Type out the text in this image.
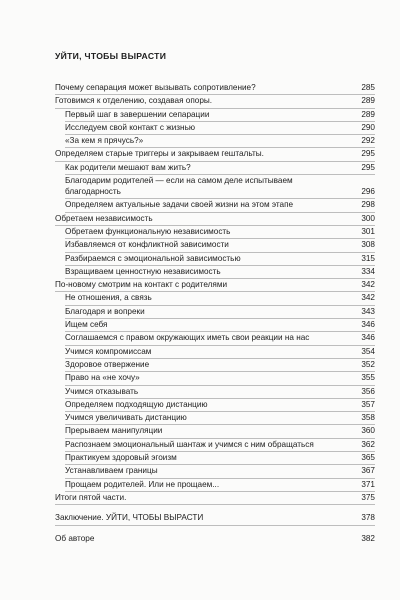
УЙТИ, ЧТОБЫ ВЫРАСТИ
Почему сепарация может вызывать сопротивление?	285
Готовимся к отделению, создавая опоры.	289
Первый шаг в завершении сепарации	289
Исследуем свой контакт с жизнью	290
«За кем я прячусь?»	292
Определяем старые триггеры и закрываем гештальты.	295
Как родители мешают вам жить?	295
Благодарим родителей — если на самом деле испытываем благодарность	296
Определяем актуальные задачи своей жизни на этом этапе	298
Обретаем независимость	300
Обретаем функциональную независимость	301
Избавляемся от конфликтной зависимости	308
Разбираемся с эмоциональной зависимостью	315
Взращиваем ценностную независимость	334
По-новому смотрим на контакт с родителями	342
Не отношения, а связь	342
Благодаря и вопреки	343
Ищем себя	346
Соглашаемся с правом окружающих иметь свои реакции на нас	346
Учимся компромиссам	354
Здоровое отвержение	352
Право на «не хочу»	355
Учимся отказывать	356
Определяем подходящую дистанцию	357
Учимся увеличивать дистанцию	358
Прерываем манипуляции	360
Распознаем эмоциональный шантаж и учимся с ним обращаться	362
Практикуем здоровый эгоизм	365
Устанавливаем границы	367
Прощаем родителей. Или не прощаем...	371
Итоги пятой части.	375
Заключение. УЙТИ, ЧТОБЫ ВЫРАСТИ	378
Об авторе	382
